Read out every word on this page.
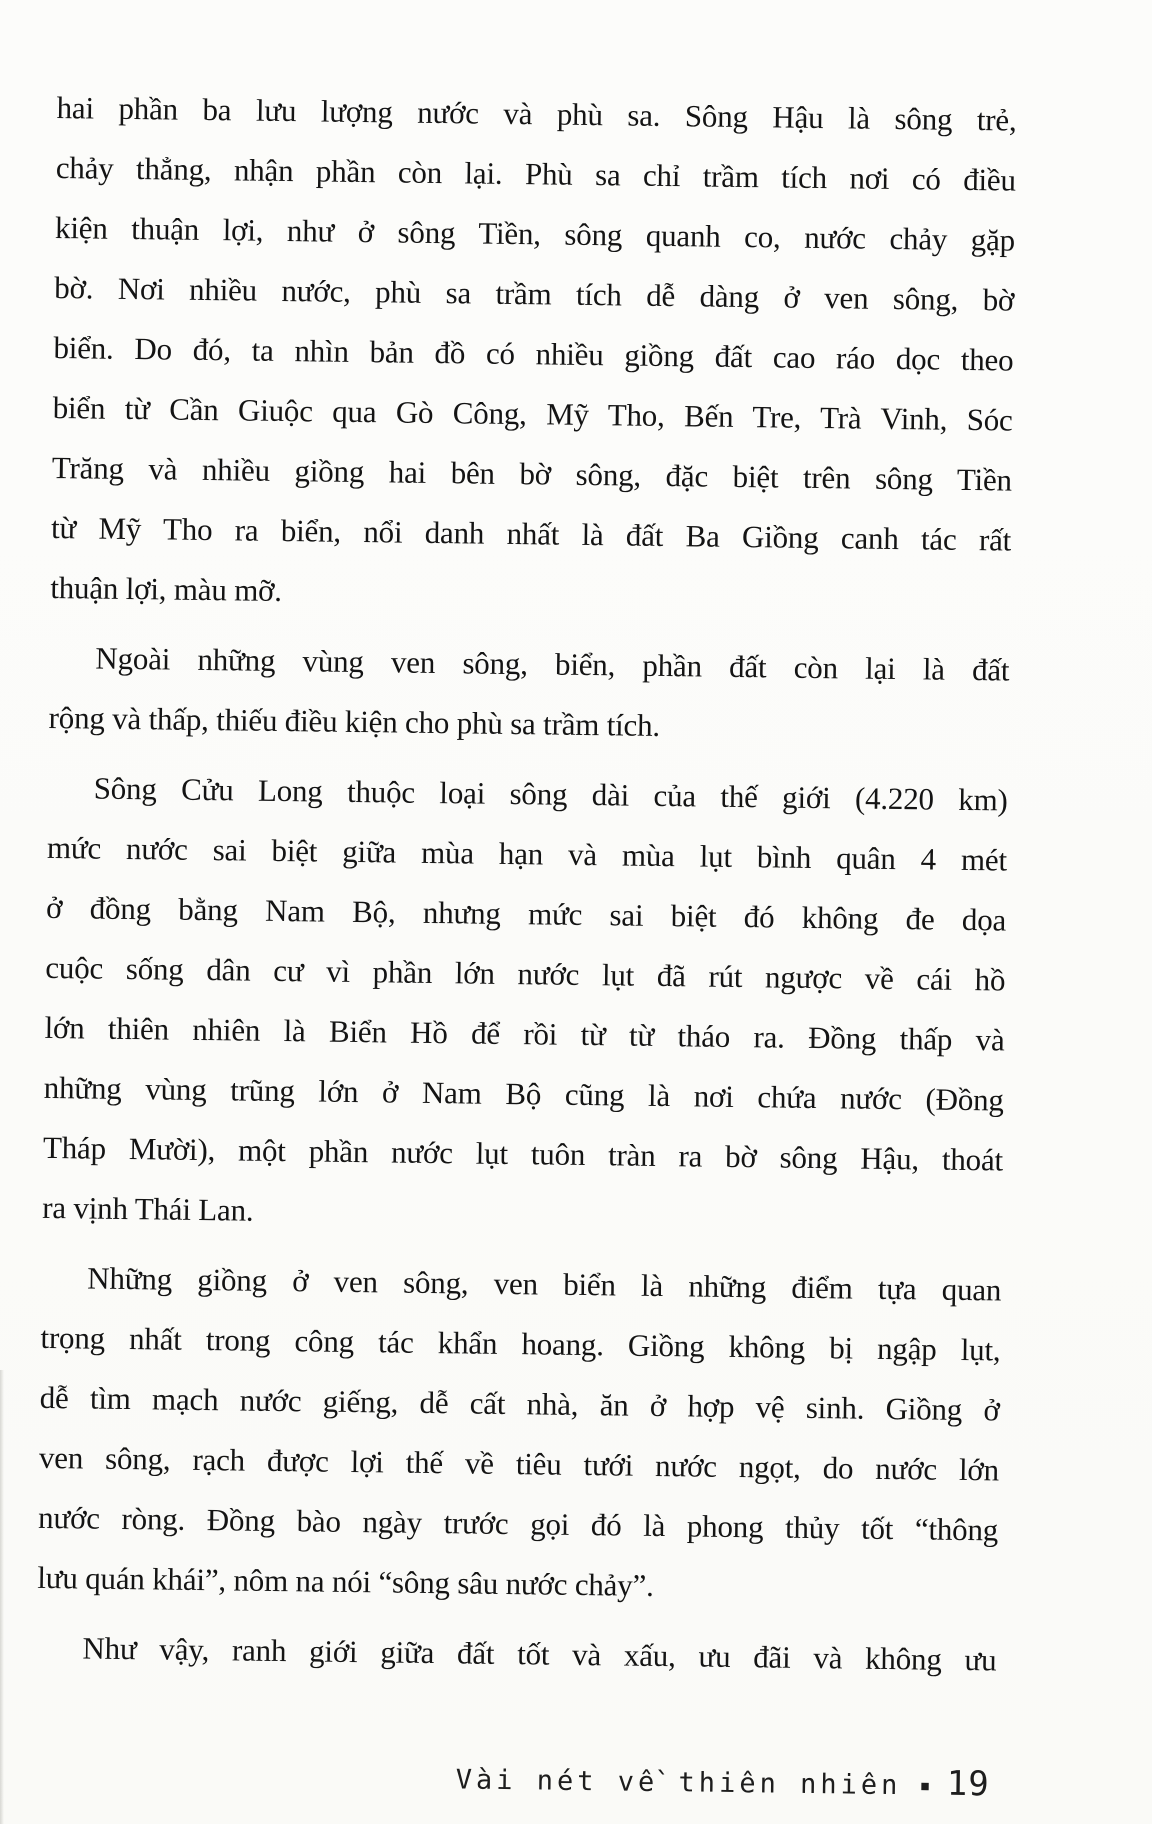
hai phần ba lưu lượng nước và phù sa. Sông Hậu là sông trẻ,
chảy thẳng, nhận phần còn lại. Phù sa chỉ trầm tích nơi có điều
kiện thuận lợi, như ở sông Tiền, sông quanh co, nước chảy gặp
bờ. Nơi nhiều nước, phù sa trầm tích dễ dàng ở ven sông, bờ
biển. Do đó, ta nhìn bản đồ có nhiều giồng đất cao ráo dọc theo
biển từ Cần Giuộc qua Gò Công, Mỹ Tho, Bến Tre, Trà Vinh, Sóc
Trăng và nhiều giồng hai bên bờ sông, đặc biệt trên sông Tiền
từ Mỹ Tho ra biển, nổi danh nhất là đất Ba Giồng canh tác rất
thuận lợi, màu mỡ.
Ngoài những vùng ven sông, biển, phần đất còn lại là đất
rộng và thấp, thiếu điều kiện cho phù sa trầm tích.
Sông Cửu Long thuộc loại sông dài của thế giới (4.220 km)
mức nước sai biệt giữa mùa hạn và mùa lụt bình quân 4 mét
ở đồng bằng Nam Bộ, nhưng mức sai biệt đó không đe dọa
cuộc sống dân cư vì phần lớn nước lụt đã rút ngược về cái hồ
lớn thiên nhiên là Biển Hồ để rồi từ từ tháo ra. Đồng thấp và
những vùng trũng lớn ở Nam Bộ cũng là nơi chứa nước (Đồng
Tháp Mười), một phần nước lụt tuôn tràn ra bờ sông Hậu, thoát
ra vịnh Thái Lan.
Những giồng ở ven sông, ven biển là những điểm tựa quan
trọng nhất trong công tác khẩn hoang. Giồng không bị ngập lụt,
dễ tìm mạch nước giếng, dễ cất nhà, ăn ở hợp vệ sinh. Giồng ở
ven sông, rạch được lợi thế về tiêu tưới nước ngọt, do nước lớn
nước ròng. Đồng bào ngày trước gọi đó là phong thủy tốt “thông
lưu quán khái”, nôm na nói “sông sâu nước chảy”.
Như vậy, ranh giới giữa đất tốt và xấu, ưu đãi và không ưu
Vài nét về thiên nhiên ▪ 19
